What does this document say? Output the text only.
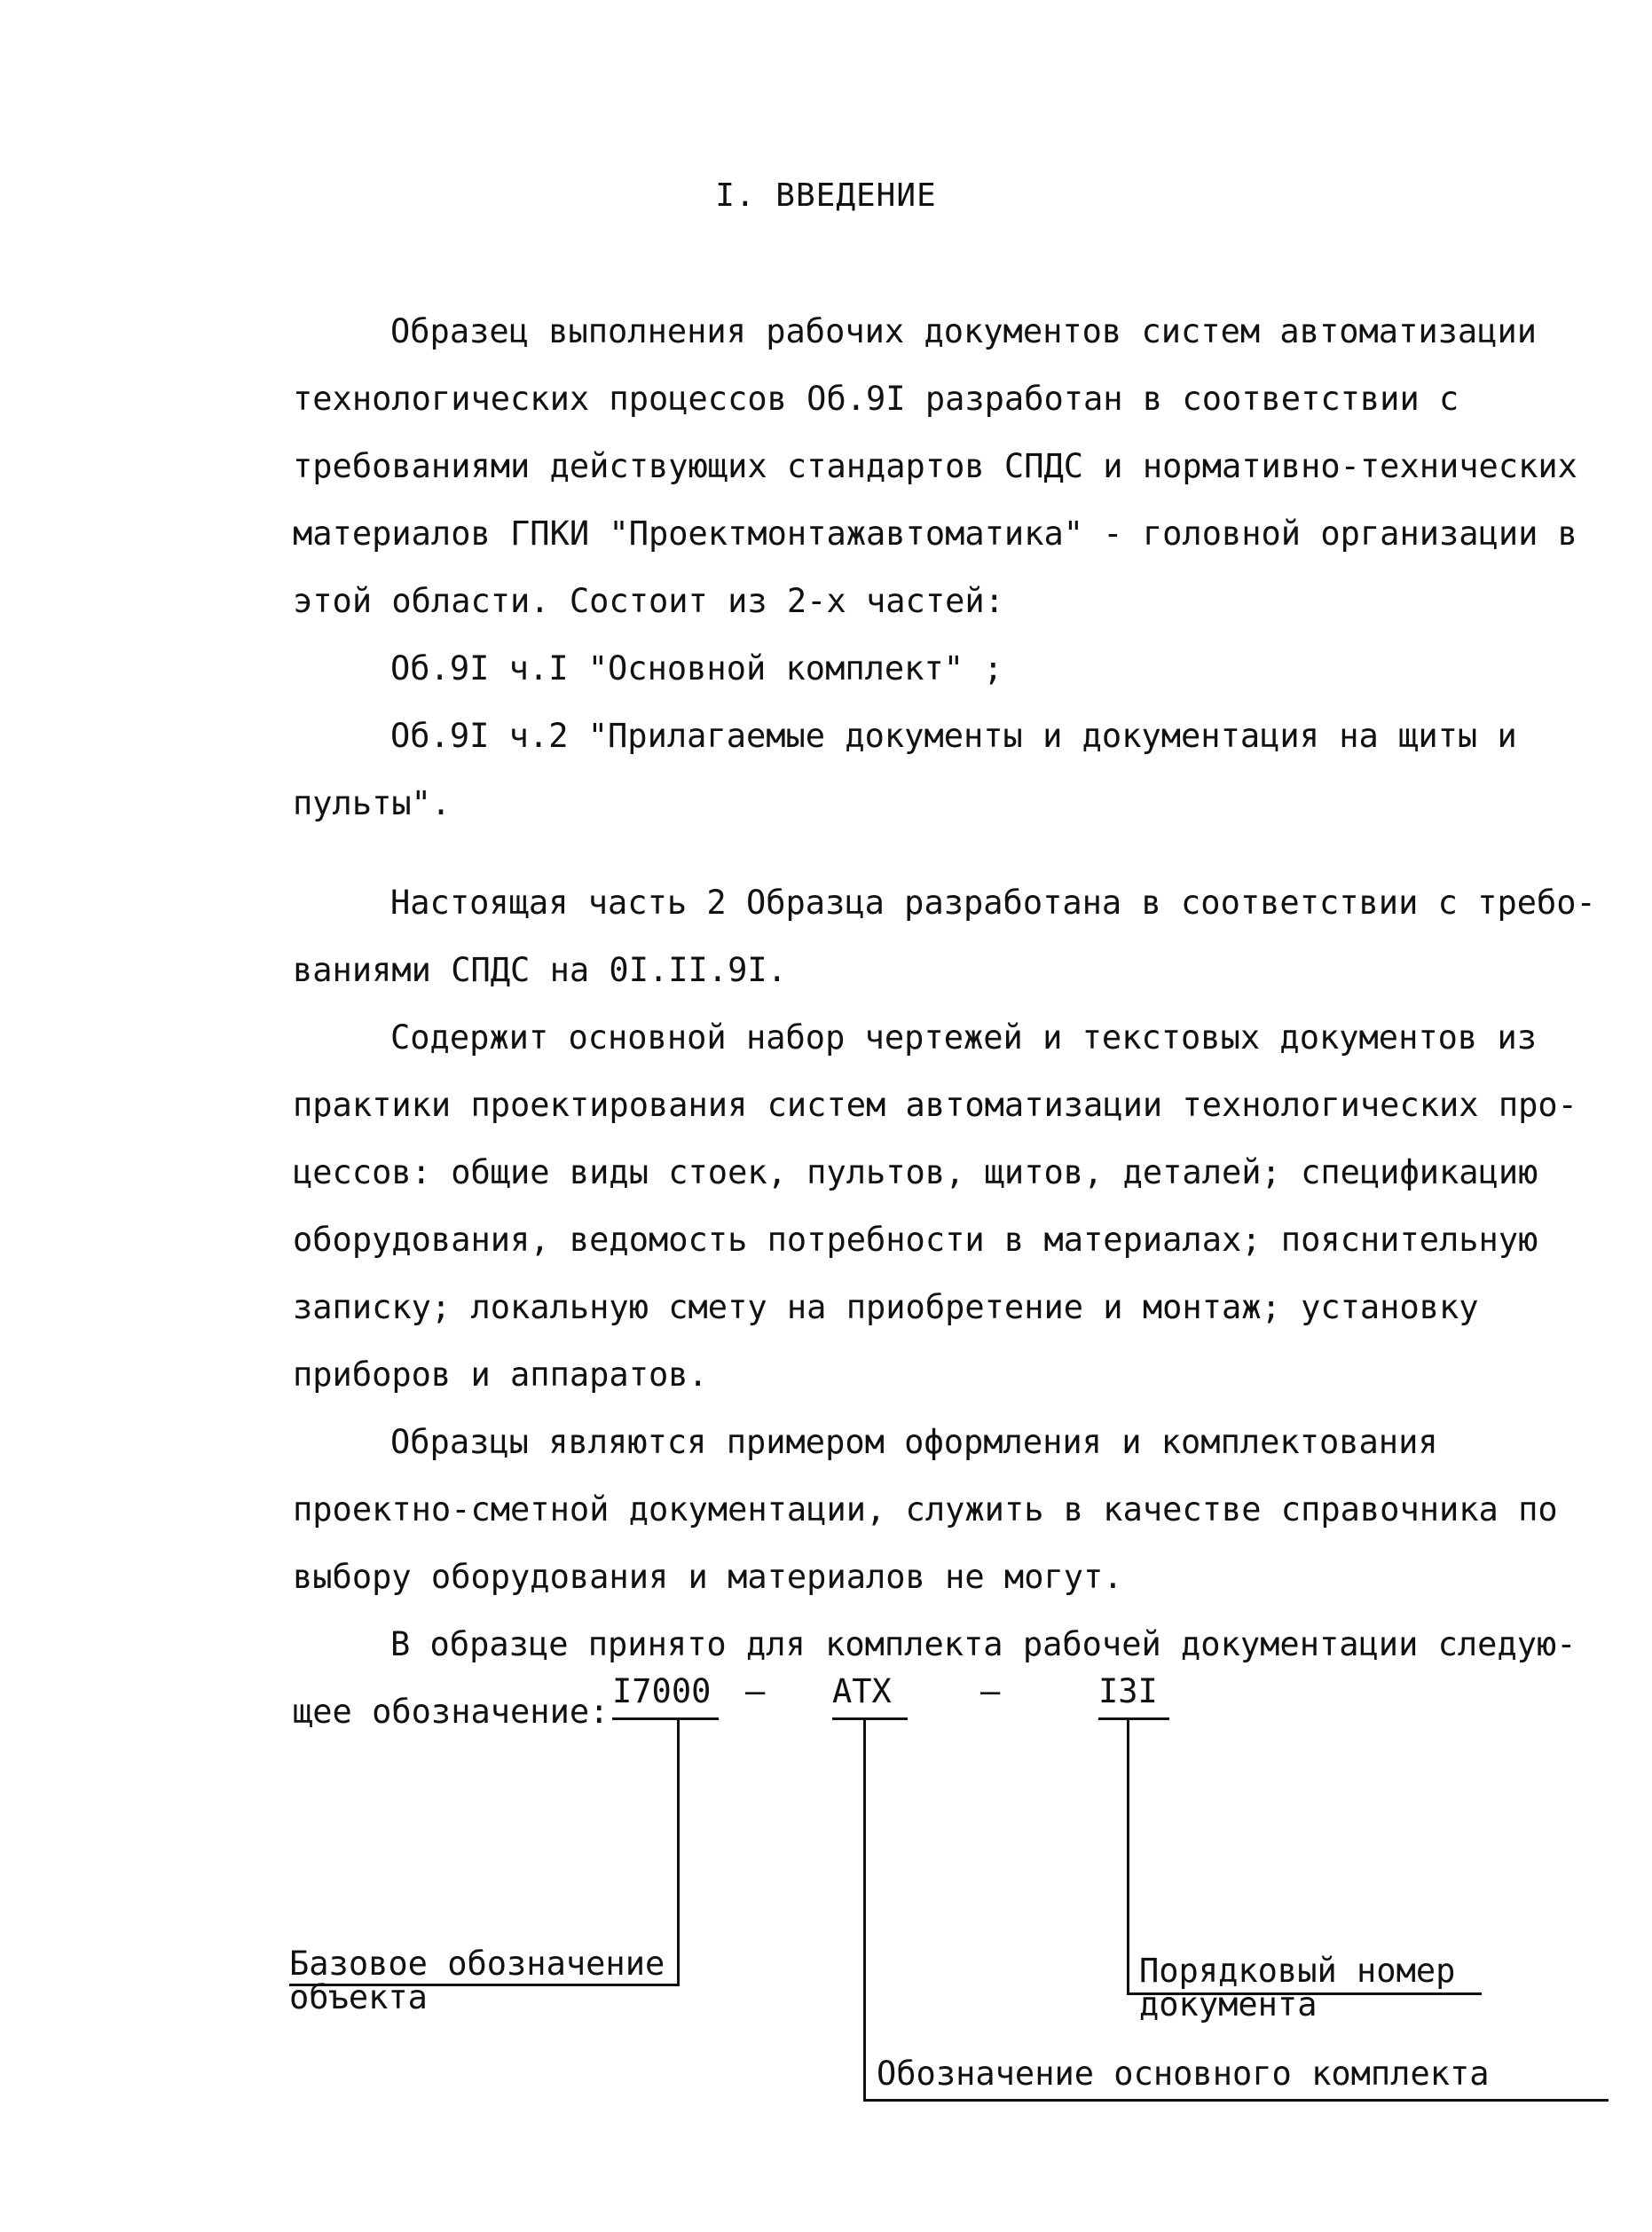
I. ВВЕДЕНИЕ
Образец выполнения рабочих документов систем автоматизации
технологических процессов Об.9I разработан в соответствии с
требованиями действующих стандартов СПДС и нормативно-технических
материалов ГПКИ "Проектмонтажавтоматика" - головной организации в
этой области. Состоит из 2-х частей:
Об.9I ч.I "Основной комплект" ;
Об.9I ч.2 "Прилагаемые документы и документация на щиты и
пульты".
Настоящая часть 2 Образца разработана в соответствии с требо-
ваниями СПДС на 0I.II.9I.
Содержит основной набор чертежей и текстовых документов из
практики проектирования систем автоматизации технологических про-
цессов: общие виды стоек, пультов, щитов, деталей; спецификацию
оборудования, ведомость потребности в материалах; пояснительную
записку; локальную смету на приобретение и монтаж; установку
приборов и аппаратов.
Образцы являются примером оформления и комплектования
проектно-сметной документации, служить в качестве справочника по
выбору оборудования и материалов не могут.
В образце принято для комплекта рабочей документации следую-
щее обозначение:
I7000 — АТХ	—	I3I
Базовое обозначение
объекта
Порядковый номер
документа
Обозначение основного комплекта
